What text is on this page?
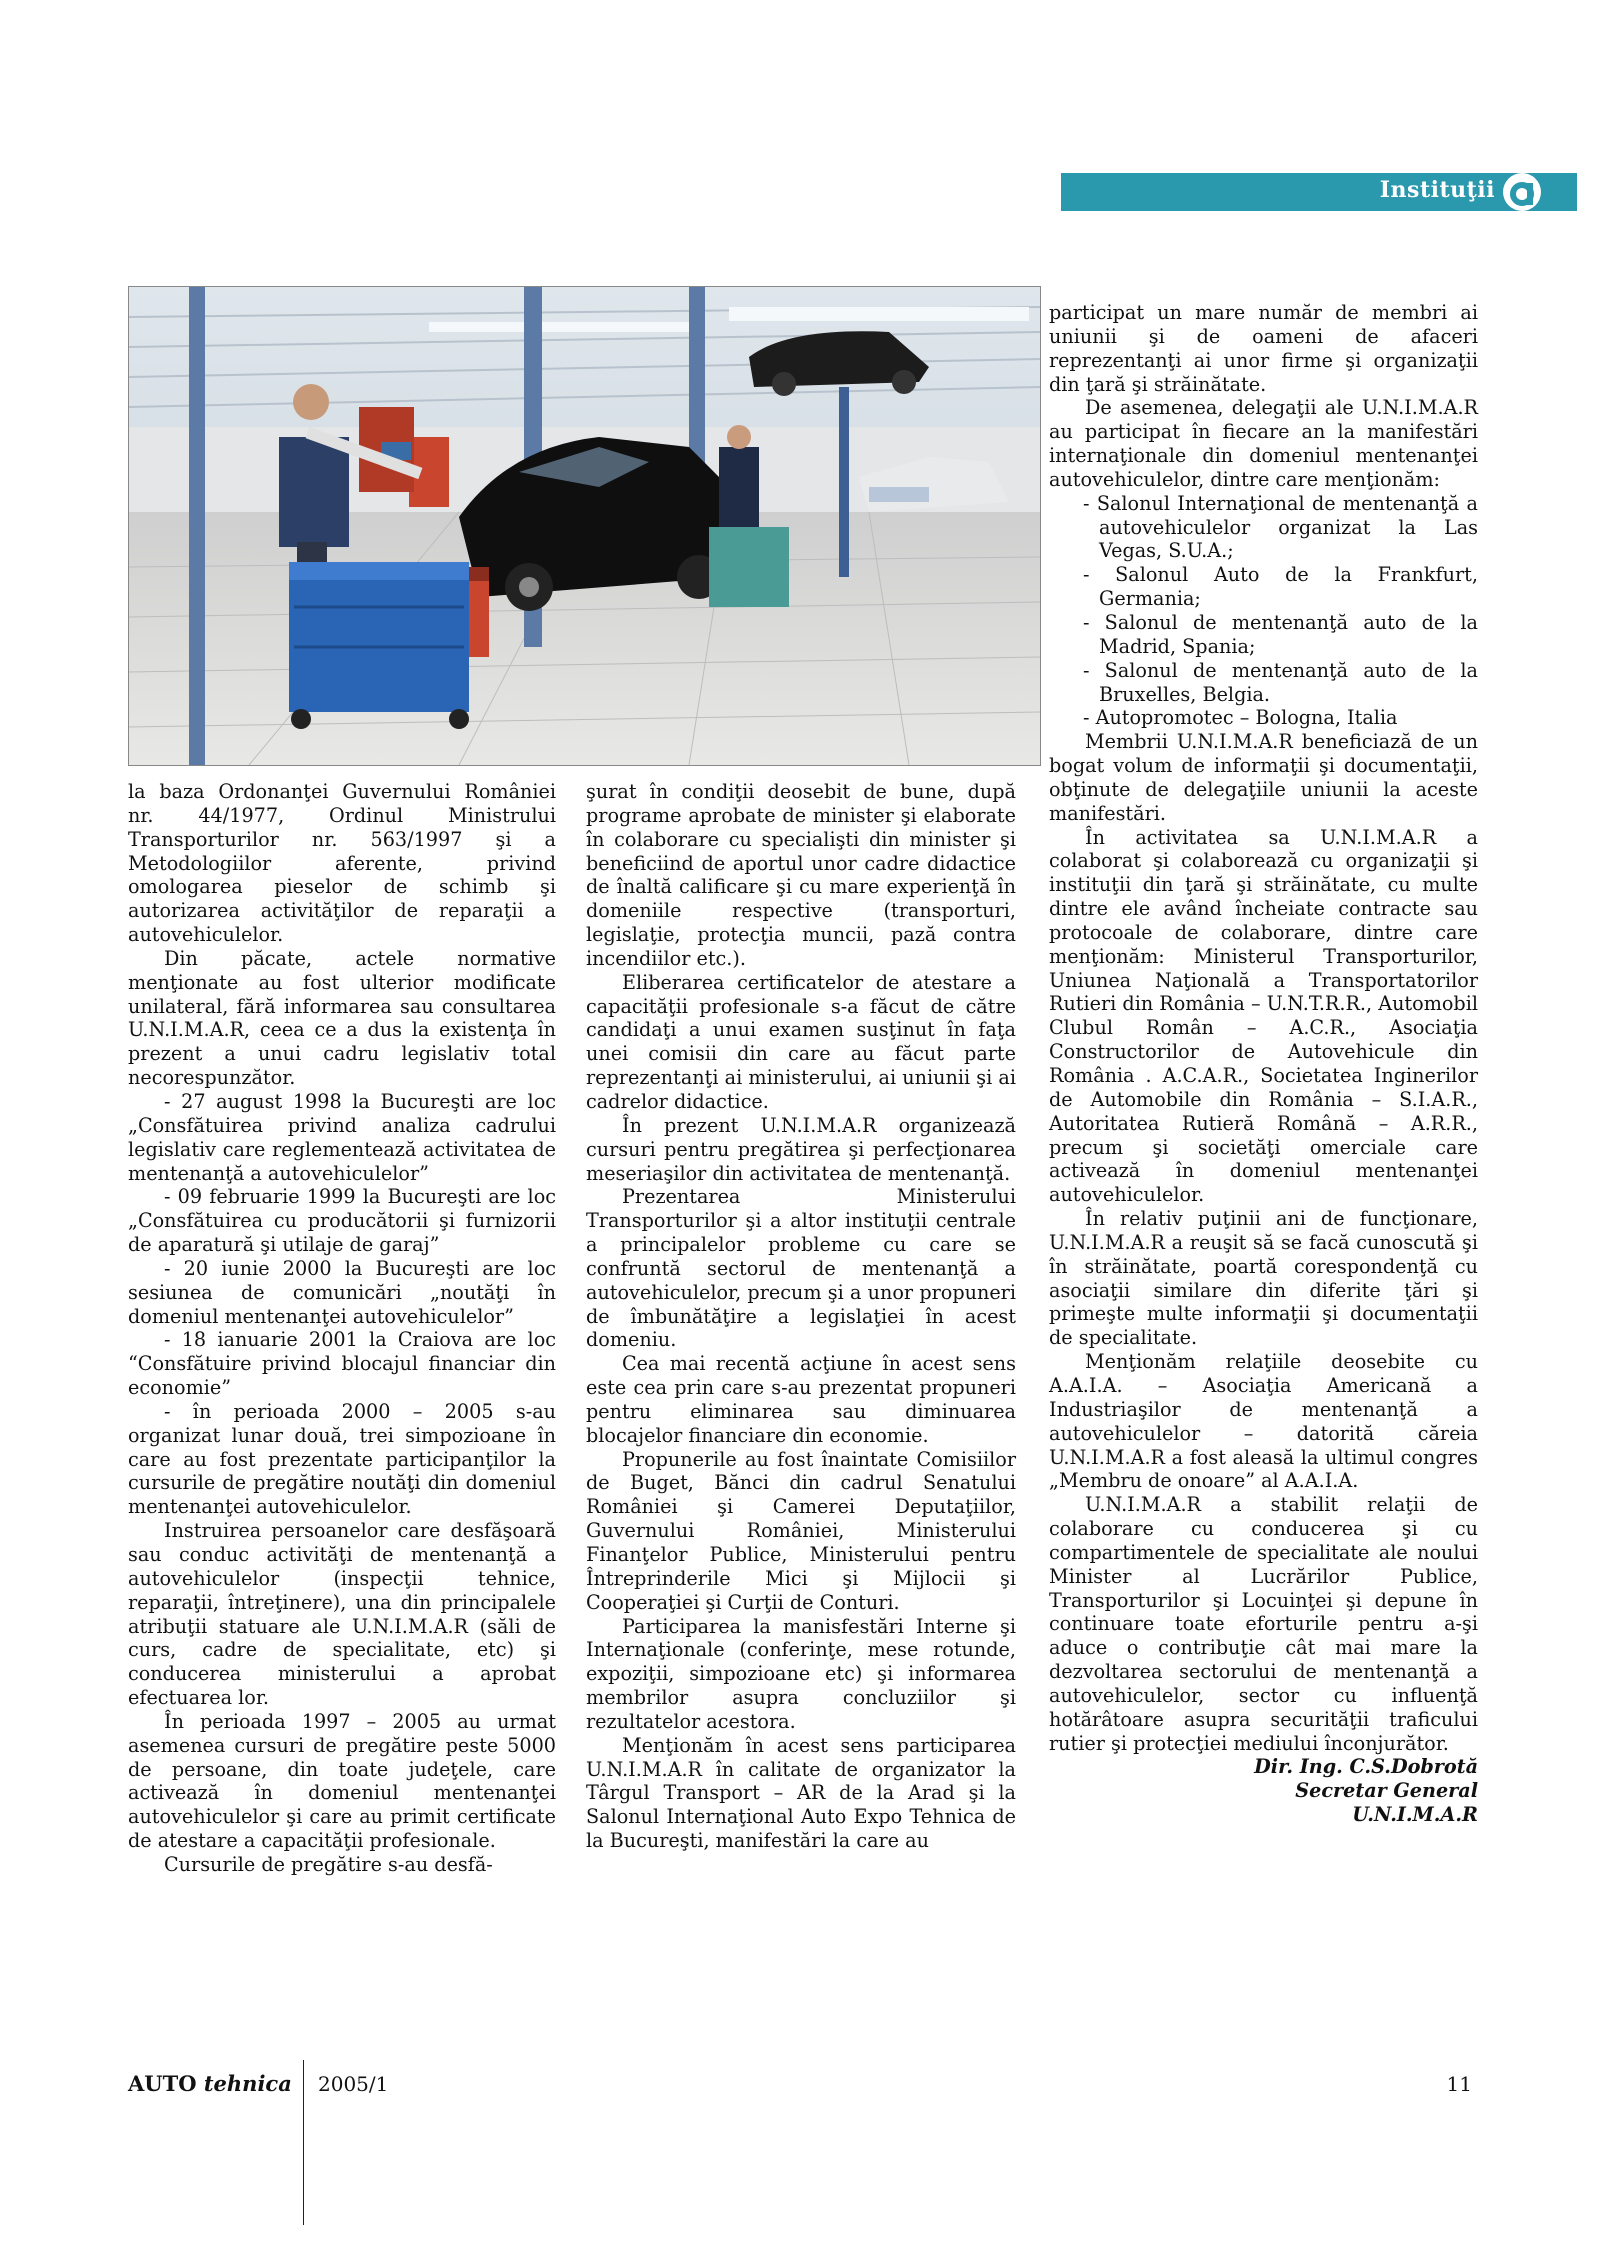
Instituţii

la baza Ordonanţei Guvernului României nr. 44/1977, Ordinul Ministrului Transporturilor nr. 563/1997 şi a Metodologiilor aferente, privind omologarea pieselor de schimb şi autorizarea activităţilor de reparaţii a autovehiculelor.

Din păcate, actele normative menţionate au fost ulterior modificate unilateral, fără informarea sau consultarea U.N.I.M.A.R, ceea ce a dus la existenţa în prezent a unui cadru legislativ total necorespunzător.

- 27 august 1998 la Bucureşti are loc „Consfătuirea privind analiza cadrului legislativ care reglementează activitatea de mentenanţă a autovehiculelor”

- 09 februarie 1999 la Bucureşti are loc „Consfătuirea cu producătorii şi furnizorii de aparatură şi utilaje de garaj”

- 20 iunie 2000 la Bucureşti are loc sesiunea de comunicări „noutăţi în domeniul mentenanţei autovehiculelor”

- 18 ianuarie 2001 la Craiova are loc “Consfătuire privind blocajul financiar din economie”

- în perioada 2000 – 2005 s-au organizat lunar două, trei simpozioane în care au fost prezentate participanţilor la cursurile de pregătire noutăţi din domeniul mentenanţei autovehiculelor.

Instruirea persoanelor care desfăşoară sau conduc activităţi de mentenanţă a autovehiculelor (inspecţii tehnice, reparaţii, întreţinere), una din principalele atribuţii statuare ale U.N.I.M.A.R (săli de curs, cadre de specialitate, etc) şi conducerea ministerului a aprobat efectuarea lor.

În perioada 1997 – 2005 au urmat asemenea cursuri de pregătire peste 5000 de persoane, din toate judeţele, care activează în domeniul mentenanţei autovehiculelor şi care au primit certificate de atestare a capacităţii profesionale.

Cursurile de pregătire s-au desfă-

şurat în condiţii deosebit de bune, după programe aprobate de minister şi elaborate în colaborare cu specialişti din minister şi beneficiind de aportul unor cadre didactice de înaltă calificare şi cu mare experienţă în domeniile respective (transporturi, legislaţie, protecţia muncii, pază contra incendiilor etc.).

Eliberarea certificatelor de atestare a capacităţii profesionale s-a făcut de către candidaţi a unui examen susţinut în faţa unei comisii din care au făcut parte reprezentanţi ai ministerului, ai uniunii şi ai cadrelor didactice.

În prezent U.N.I.M.A.R organizează cursuri pentru pregătirea şi perfecţionarea meseriaşilor din activitatea de mentenanţă.

Prezentarea Ministerului Transporturilor şi a altor instituţii centrale a principalelor probleme cu care se confruntă sectorul de mentenanţă a autovehiculelor, precum şi a unor propuneri de îmbunătăţire a legislaţiei în acest domeniu.

Cea mai recentă acţiune în acest sens este cea prin care s-au prezentat propuneri pentru eliminarea sau diminuarea blocajelor financiare din economie.

Propunerile au fost înaintate Comisiilor de Buget, Bănci din cadrul Senatului României şi Camerei Deputaţiilor, Guvernului României, Ministerului Finanţelor Publice, Ministerului pentru Întreprinderile Mici şi Mijlocii şi Cooperaţiei şi Curţii de Conturi.

Participarea la manisfestări Interne şi Internaţionale (conferinţe, mese rotunde, expoziţii, simpozioane etc) şi informarea membrilor asupra concluziilor şi rezultatelor acestora.

Menţionăm în acest sens participarea U.N.I.M.A.R în calitate de organizator la Târgul Transport – AR de la Arad şi la Salonul Internaţional Auto Expo Tehnica de la Bucureşti, manifestări la care au

participat un mare număr de membri ai uniunii şi de oameni de afaceri reprezentanţi ai unor firme şi organizaţii din ţară şi străinătate.

De asemenea, delegaţii ale U.N.I.M.A.R au participat în fiecare an la manifestări internaţionale din domeniul mentenanţei autovehiculelor, dintre care menţionăm:

- Salonul Internaţional de mentenanţă a autovehiculelor organizat la Las Vegas, S.U.A.;

- Salonul Auto de la Frankfurt, Germania;

- Salonul de mentenanţă auto de la Madrid, Spania;

- Salonul de mentenanţă auto de la Bruxelles, Belgia.

- Autopromotec – Bologna, Italia

Membrii U.N.I.M.A.R beneficiază de un bogat volum de informaţii şi documentaţii, obţinute de delegaţiile uniunii la aceste manifestări.

În activitatea sa U.N.I.M.A.R a colaborat şi colaborează cu organizaţii şi instituţii din ţară şi străinătate, cu multe dintre ele având încheiate contracte sau protocoale de colaborare, dintre care menţionăm: Ministerul Transporturilor, Uniunea Naţională a Transportatorilor Rutieri din România – U.N.T.R.R., Automobil Clubul Român – A.C.R., Asociaţia Constructorilor de Autovehicule din România . A.C.A.R., Societatea Inginerilor de Automobile din România – S.I.A.R., Autoritatea Rutieră Română – A.R.R., precum şi societăţi omerciale care activează în domeniul mentenanţei autovehiculelor.

În relativ puţinii ani de funcţionare, U.N.I.M.A.R a reuşit să se facă cunoscută şi în străinătate, poartă corespondenţă cu asociaţii similare din diferite ţări şi primeşte multe informaţii şi documentaţii de specialitate.

Menţionăm relaţiile deosebite cu A.A.I.A. – Asociaţia Americană a Industriaşilor de mentenanţă a autovehiculelor – datorită căreia U.N.I.M.A.R a fost aleasă la ultimul congres „Membru de onoare” al A.A.I.A.

U.N.I.M.A.R a stabilit relaţii de colaborare cu conducerea şi cu compartimentele de specialitate ale noului Minister al Lucrărilor Publice, Transporturilor şi Locuinţei şi depune în continuare toate eforturile pentru a-şi aduce o contribuţie cât mai mare la dezvoltarea sectorului de mentenanţă a autovehiculelor, sector cu influenţă hotărâtoare asupra securităţii traficului rutier şi protecţiei mediului înconjurător.

Dir. Ing. C.S.Dobrotă

Secretar General

U.N.I.M.A.R

AUTO tehnica 2005/1	11
